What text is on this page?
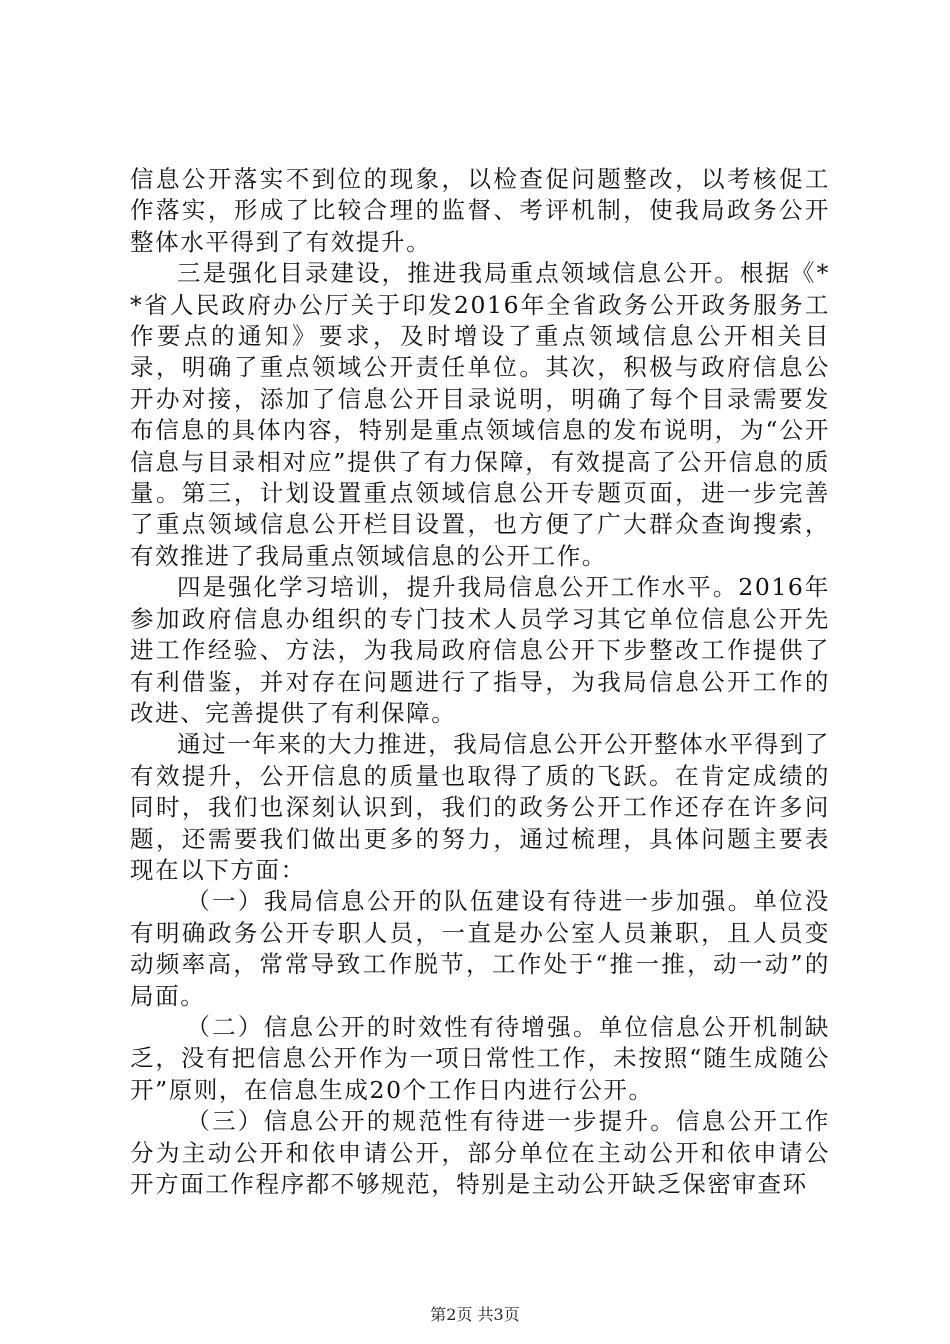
信息公开落实不到位的现象，以检查促问题整改，以考核促工作落实，形成了比较合理的监督、考评机制，使我局政务公开整体水平得到了有效提升。

三是强化目录建设，推进我局重点领域信息公开。根据《**省人民政府办公厅关于印发2016年全省政务公开政务服务工作要点的通知》要求，及时增设了重点领域信息公开相关目录，明确了重点领域公开责任单位。其次，积极与政府信息公开办对接，添加了信息公开目录说明，明确了每个目录需要发布信息的具体内容，特别是重点领域信息的发布说明，为“公开信息与目录相对应”提供了有力保障，有效提高了公开信息的质量。第三，计划设置重点领域信息公开专题页面，进一步完善了重点领域信息公开栏目设置，也方便了广大群众查询搜索，有效推进了我局重点领域信息的公开工作。

四是强化学习培训，提升我局信息公开工作水平。2016年参加政府信息办组织的专门技术人员学习其它单位信息公开先进工作经验、方法，为我局政府信息公开下步整改工作提供了有利借鉴，并对存在问题进行了指导，为我局信息公开工作的改进、完善提供了有利保障。

通过一年来的大力推进，我局信息公开公开整体水平得到了有效提升，公开信息的质量也取得了质的飞跃。在肯定成绩的同时，我们也深刻认识到，我们的政务公开工作还存在许多问题，还需要我们做出更多的努力，通过梳理，具体问题主要表现在以下方面：

（一）我局信息公开的队伍建设有待进一步加强。单位没有明确政务公开专职人员，一直是办公室人员兼职，且人员变动频率高，常常导致工作脱节，工作处于“推一推，动一动”的局面。

（二）信息公开的时效性有待增强。单位信息公开机制缺乏，没有把信息公开作为一项日常性工作，未按照“随生成随公开”原则，在信息生成20个工作日内进行公开。

（三）信息公开的规范性有待进一步提升。信息公开工作分为主动公开和依申请公开，部分单位在主动公开和依申请公开方面工作程序都不够规范，特别是主动公开缺乏保密审查环

第2页 共3页
